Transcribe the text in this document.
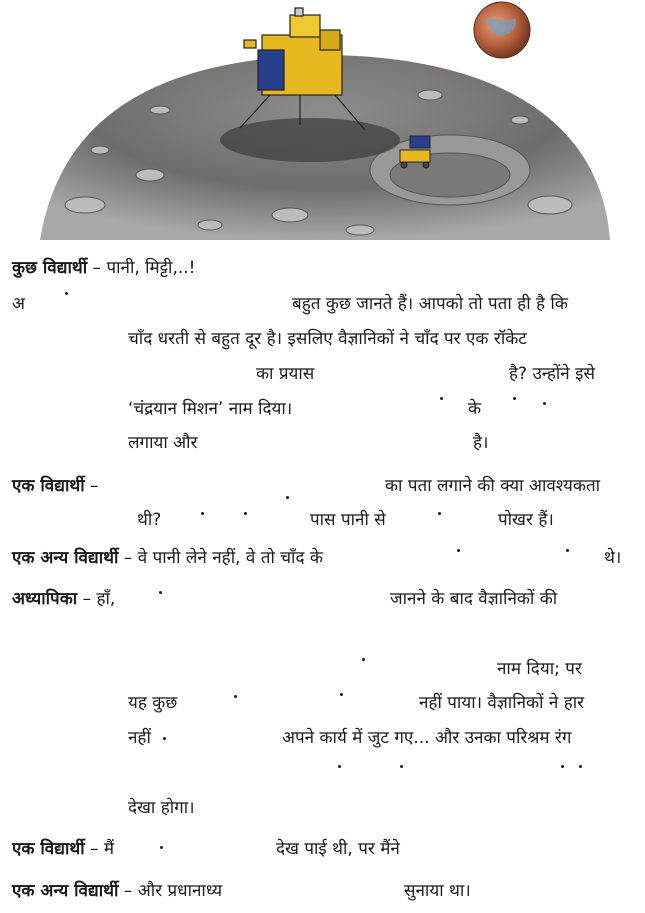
कुछ विद्यार्थी – पानी, मिट्टी,..!
अ	बहुत कुछ जानते हैं। आपको तो पता ही है कि
चाँद धरती से बहुत दूर है। इसलिए वैज्ञानिकों ने चाँद पर एक रॉकेट
का प्रयास	है? उन्होंने इसे
‘चंद्रयान मिशन’ नाम दिया।	के
लगाया और	है।
एक विद्यार्थी –	का पता लगाने की क्या आवश्यकता
थी?	पास पानी से	पोखर हैं।
एक अन्य विद्यार्थी – वे पानी लेने नहीं, वे तो चाँद के	थे।
अध्यापिका – हाँ,	जानने के बाद वैज्ञानिकों की
नाम दिया; पर
यह कुछ	नहीं पाया। वैज्ञानिकों ने हार
नहीं	अपने कार्य में जुट गए... और उनका परिश्रम रंग
देखा होगा।
एक विद्यार्थी – मैं	देख पाई थी, पर मैंने
एक अन्य विद्यार्थी – और प्रधानाध्य	सुनाया था।
